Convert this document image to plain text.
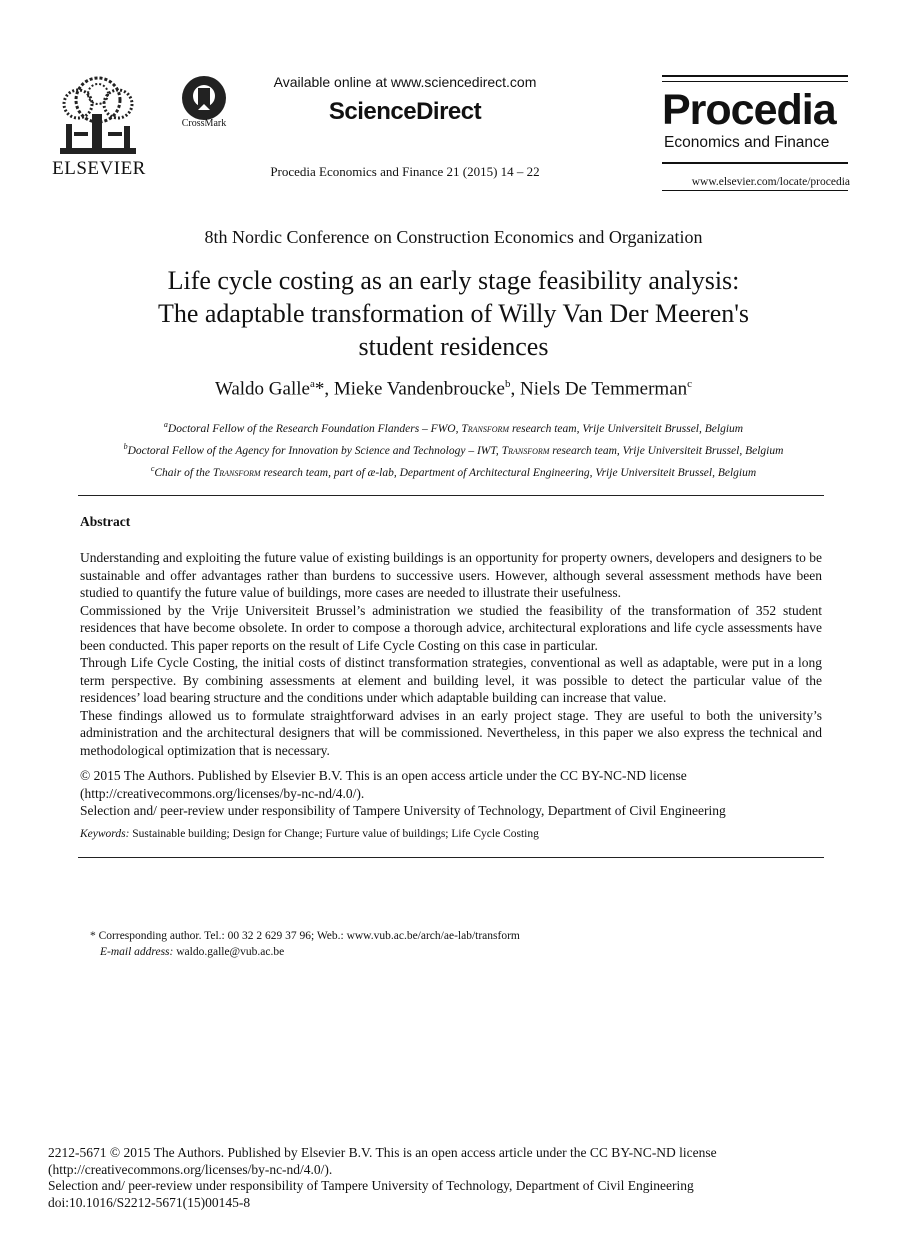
ELSEVIER
CrossMark
Available online at www.sciencedirect.com
ScienceDirect
Procedia Economics and Finance 21 (2015) 14 – 22
Procedia
Economics and Finance
www.elsevier.com/locate/procedia
8th Nordic Conference on Construction Economics and Organization
Life cycle costing as an early stage feasibility analysis:
The adaptable transformation of Willy Van Der Meeren's
student residences
Waldo Galle$^a$*, Mieke Vandenbroucke$^b$, Niels De Temmerman$^c$
$^a$Doctoral Fellow of the Research Foundation Flanders – FWO, Transform research team, Vrije Universiteit Brussel, Belgium
$^b$Doctoral Fellow of the Agency for Innovation by Science and Technology – IWT, Transform research team, Vrije Universiteit Brussel, Belgium
$^c$Chair of the Transform research team, part of æ-lab, Department of Architectural Engineering, Vrije Universiteit Brussel, Belgium
Abstract

Understanding and exploiting the future value of existing buildings is an opportunity for property owners, developers and designers to be sustainable and offer advantages rather than burdens to successive users. However, although several assessment methods have been studied to quantify the future value of buildings, more cases are needed to illustrate their usefulness.

Commissioned by the Vrije Universiteit Brussel’s administration we studied the feasibility of the transformation of 352 student residences that have become obsolete. In order to compose a thorough advice, architectural explorations and life cycle assessments have been conducted. This paper reports on the result of Life Cycle Costing on this case in particular.

Through Life Cycle Costing, the initial costs of distinct transformation strategies, conventional as well as adaptable, were put in a long term perspective. By combining assessments at element and building level, it was possible to detect the particular value of the residences’ load bearing structure and the conditions under which adaptable building can increase that value.

These findings allowed us to formulate straightforward advises in an early project stage. They are useful to both the university’s administration and the architectural designers that will be commissioned. Nevertheless, in this paper we also express the technical and methodological optimization that is necessary.

© 2015 The Authors. Published by Elsevier B.V. This is an open access article under the CC BY-NC-ND license

(http://creativecommons.org/licenses/by-nc-nd/4.0/).

Selection and/ peer-review under responsibility of Tampere University of Technology, Department of Civil Engineering

Keywords: Sustainable building; Design for Change; Furture value of buildings; Life Cycle Costing

* Corresponding author. Tel.: 00 32 2 629 37 96; Web.: www.vub.ac.be/arch/ae-lab/transform

E-mail address: waldo.galle@vub.ac.be

2212-5671 © 2015 The Authors. Published by Elsevier B.V. This is an open access article under the CC BY-NC-ND license

(http://creativecommons.org/licenses/by-nc-nd/4.0/).

Selection and/ peer-review under responsibility of Tampere University of Technology, Department of Civil Engineering

doi:10.1016/S2212-5671(15)00145-8
